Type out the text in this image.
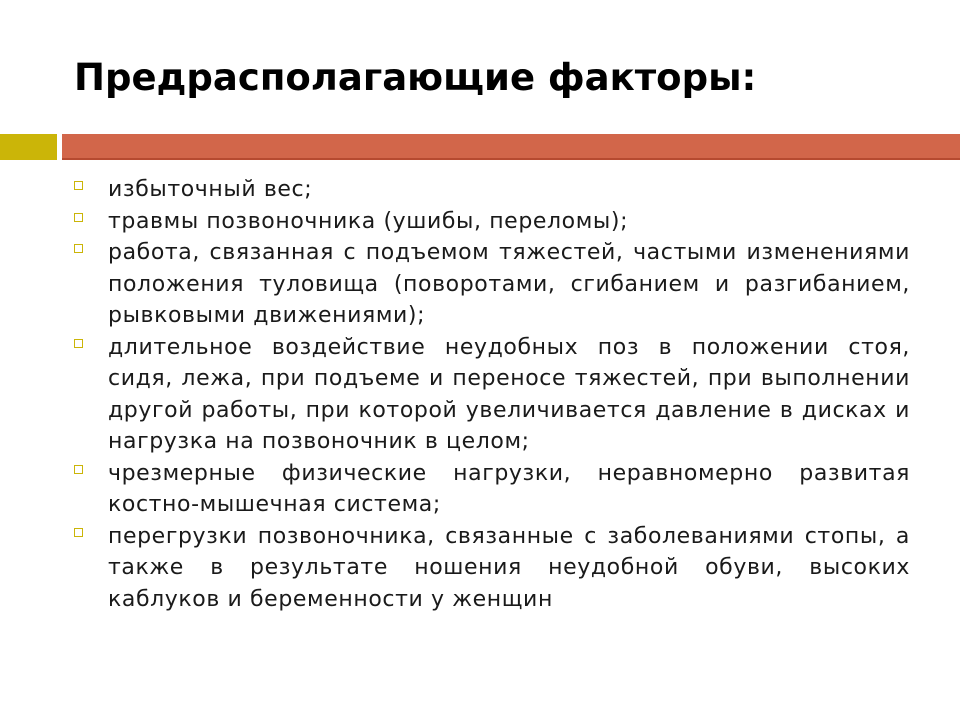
Предрасполагающие факторы:
избыточный вес;
травмы позвоночника (ушибы, переломы);
работа, связанная с подъемом тяжестей, частыми изменениями положения туловища (поворотами, сгибанием и разгибанием, рывковыми движениями);
длительное воздействие неудобных поз в положении стоя, сидя, лежа, при подъеме и переносе тяжестей, при выполнении другой работы, при которой увеличивается давление в дисках и нагрузка на позвоночник в целом;
чрезмерные физические нагрузки, неравномерно развитая костно-мышечная система;
перегрузки позвоночника, связанные с заболеваниями стопы, а также в результате ношения неудобной обуви, высоких каблуков и беременности у женщин
